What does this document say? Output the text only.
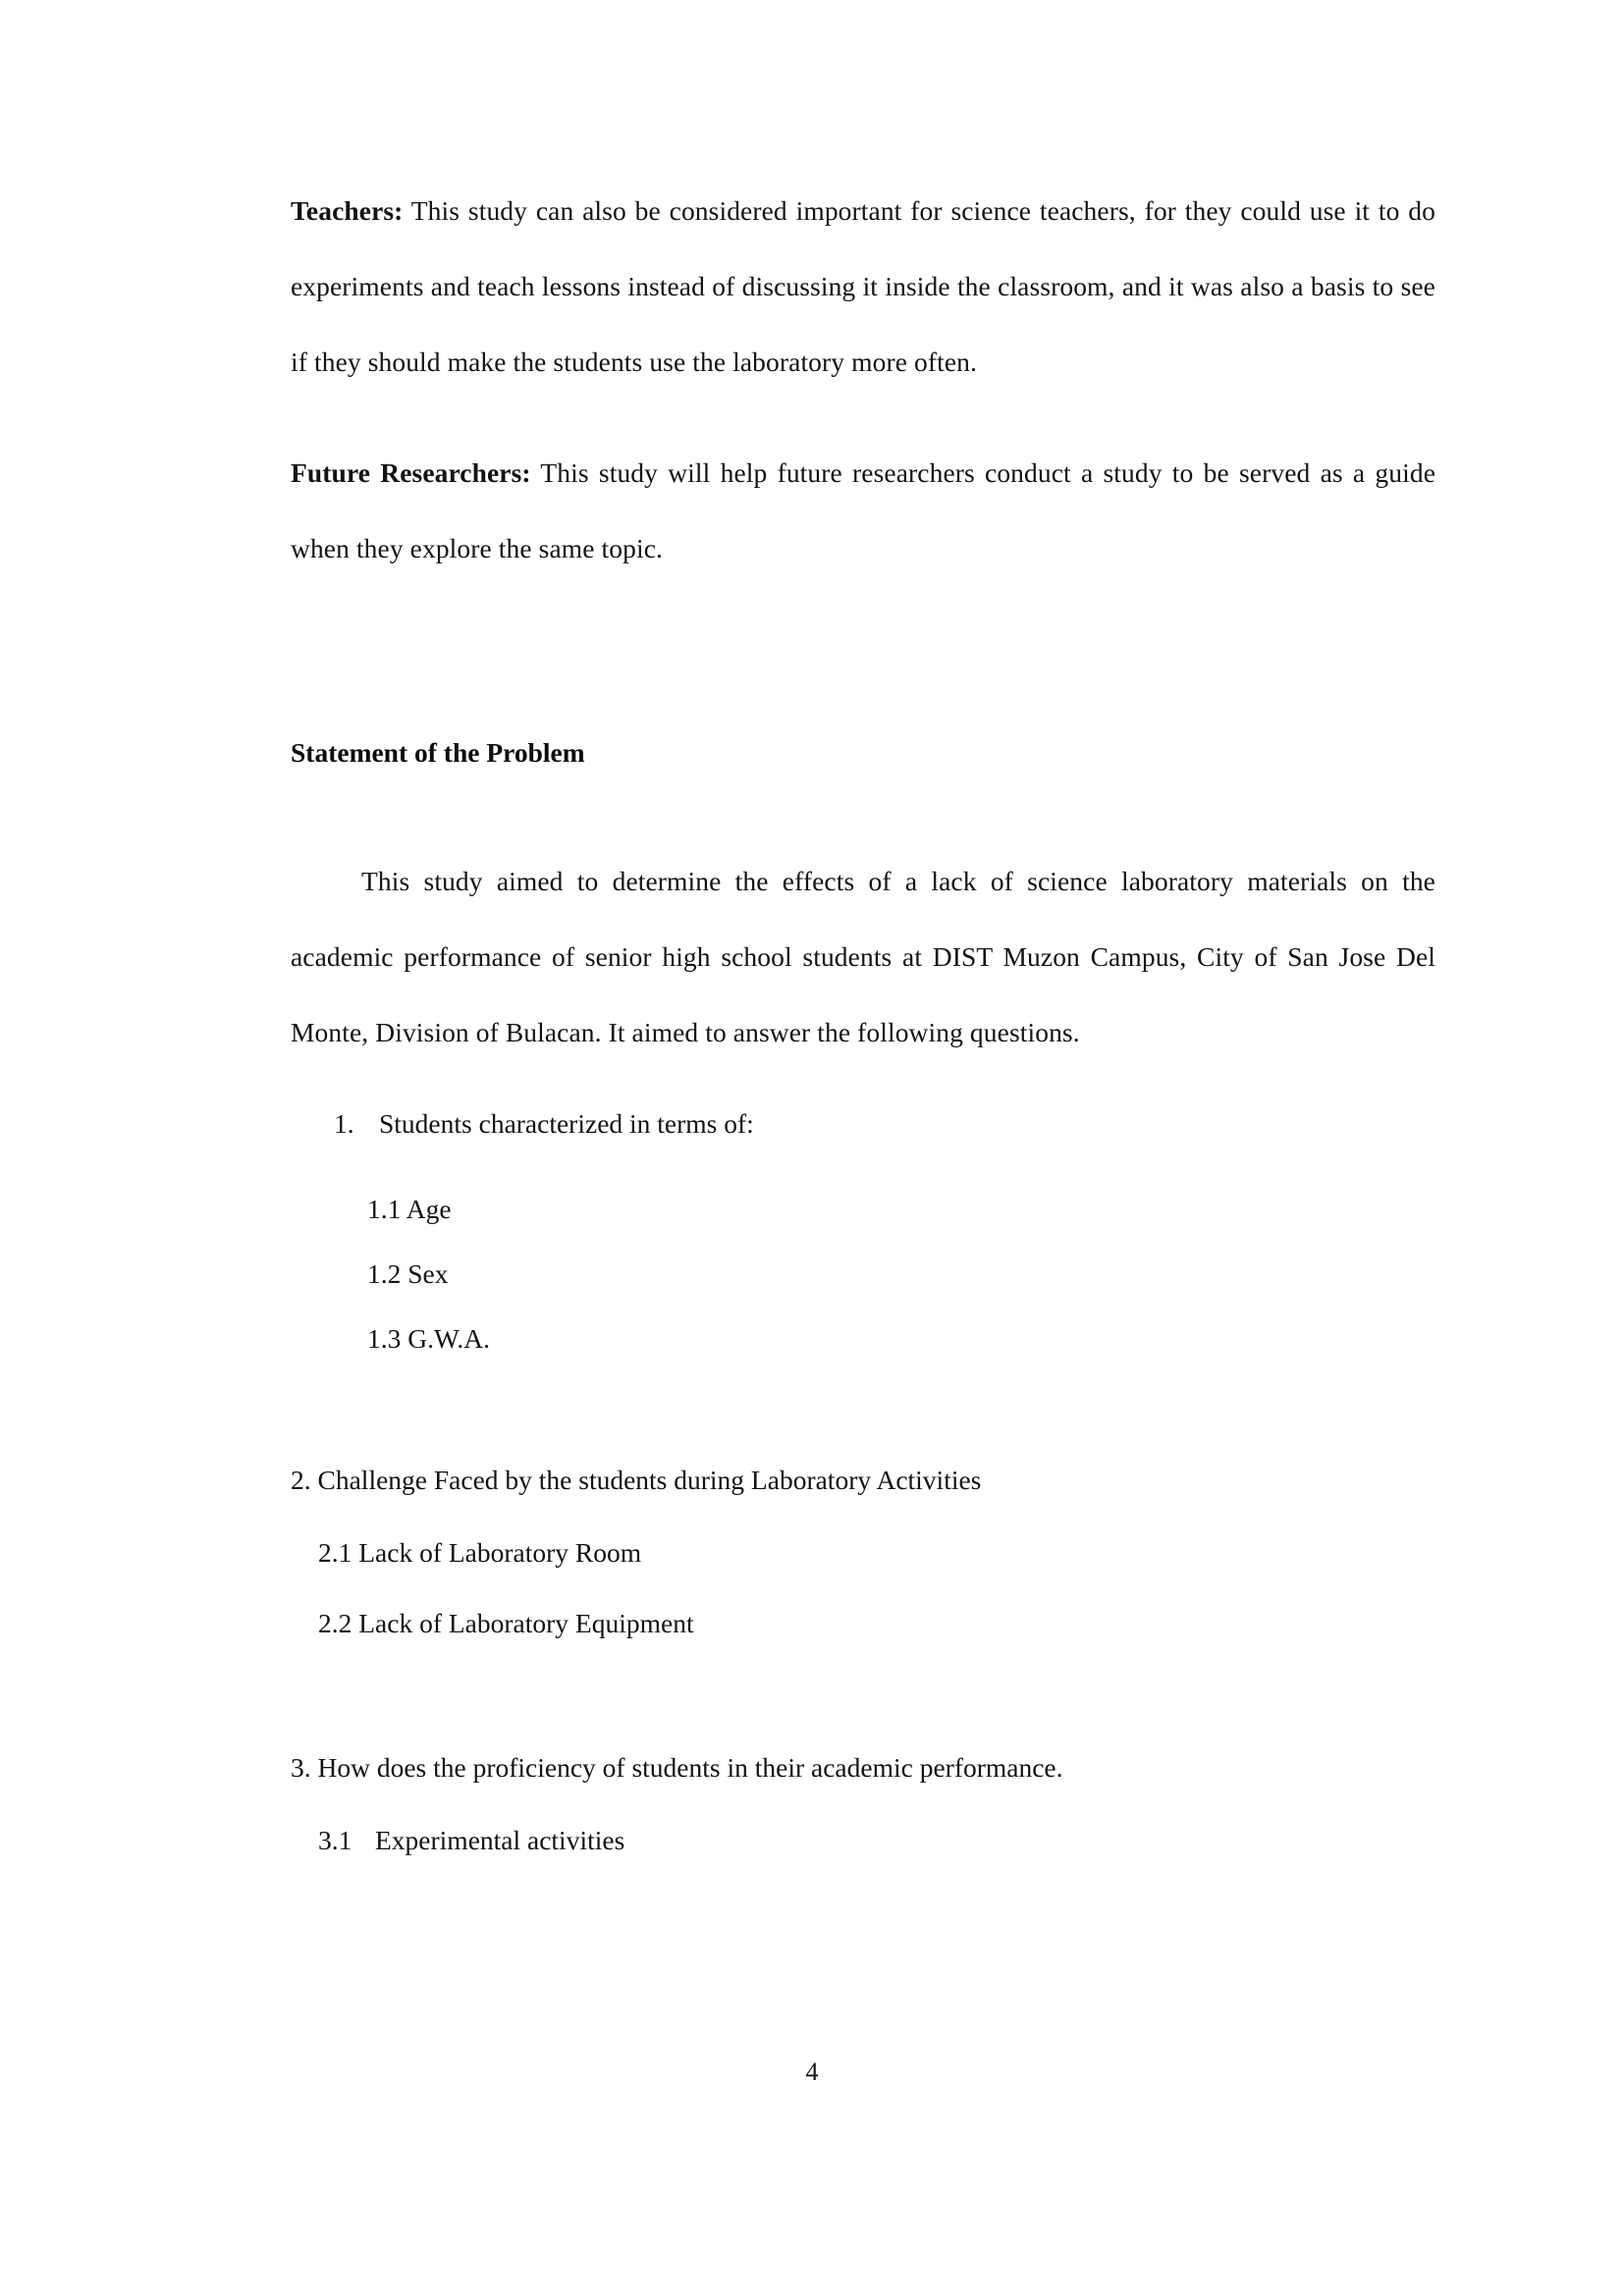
Teachers: This study can also be considered important for science teachers, for they could use it to do experiments and teach lessons instead of discussing it inside the classroom, and it was also a basis to see if they should make the students use the laboratory more often.

Future Researchers: This study will help future researchers conduct a study to be served as a guide when they explore the same topic.

Statement of the Problem

This study aimed to determine the effects of a lack of science laboratory materials on the academic performance of senior high school students at DIST Muzon Campus, City of San Jose Del Monte, Division of Bulacan. It aimed to answer the following questions.

1. Students characterized in terms of:
1.1 Age
1.2 Sex
1.3 G.W.A.
2. Challenge Faced by the students during Laboratory Activities
2.1 Lack of Laboratory Room
2.2 Lack of Laboratory Equipment
3. How does the proficiency of students in their academic performance.
3.1 Experimental activities
4
